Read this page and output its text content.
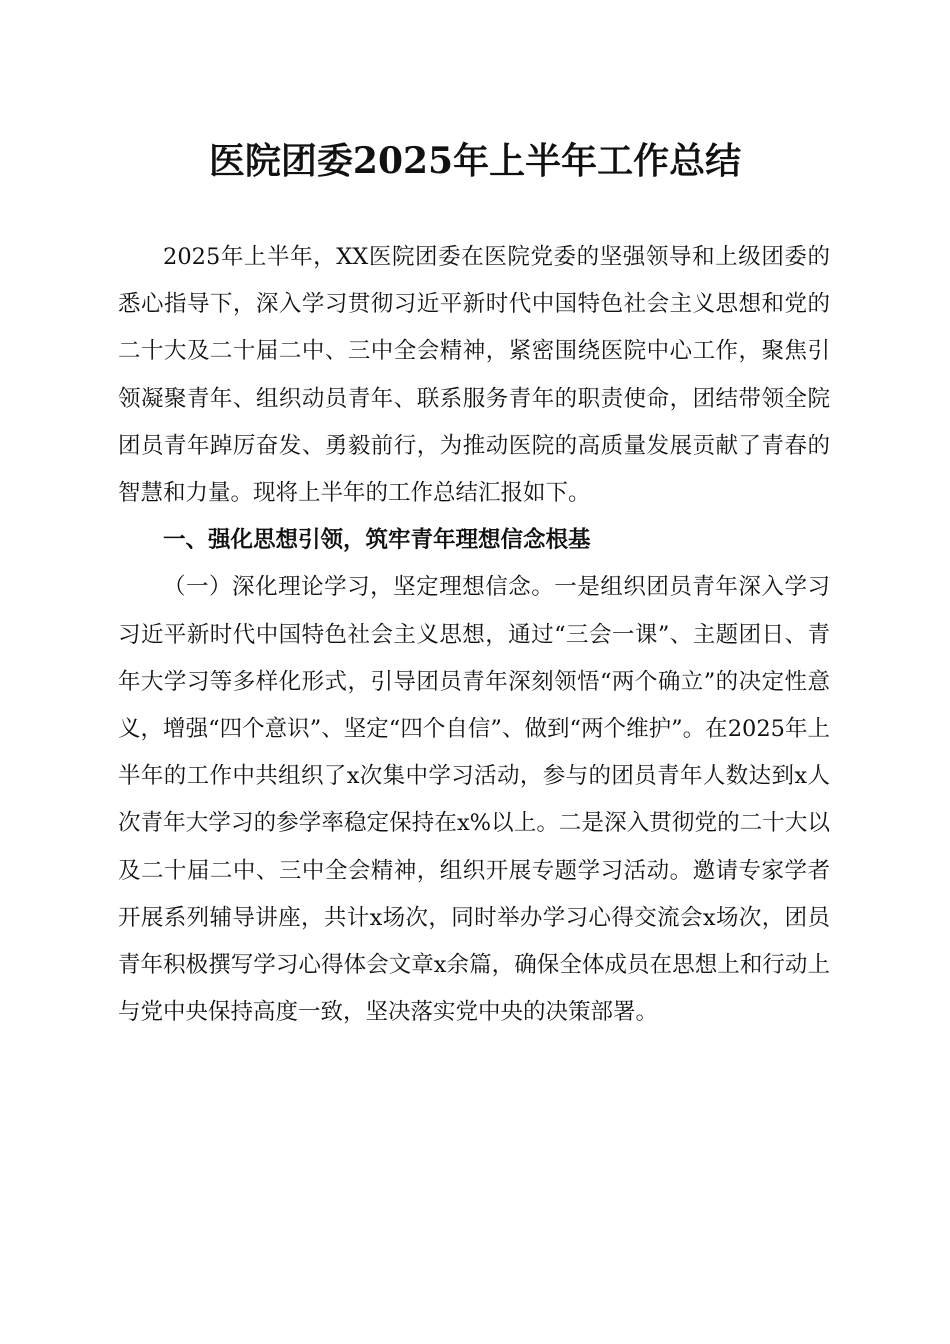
医院团委2025年上半年工作总结

2025年上半年，XX医院团委在医院党委的坚强领导和上级团委的悉心指导下，深入学习贯彻习近平新时代中国特色社会主义思想和党的二十大及二十届二中、三中全会精神，紧密围绕医院中心工作，聚焦引领凝聚青年、组织动员青年、联系服务青年的职责使命，团结带领全院团员青年踔厉奋发、勇毅前行，为推动医院的高质量发展贡献了青春的智慧和力量。现将上半年的工作总结汇报如下。

一、强化思想引领，筑牢青年理想信念根基

（一）深化理论学习，坚定理想信念。一是组织团员青年深入学习习近平新时代中国特色社会主义思想，通过“三会一课”、主题团日、青年大学习等多样化形式，引导团员青年深刻领悟“两个确立”的决定性意义，增强“四个意识”、坚定“四个自信”、做到“两个维护”。在2025年上半年的工作中共组织了x次集中学习活动，参与的团员青年人数达到x人次青年大学习的参学率稳定保持在x%以上。二是深入贯彻党的二十大以及二十届二中、三中全会精神，组织开展专题学习活动。邀请专家学者开展系列辅导讲座，共计x场次，同时举办学习心得交流会x场次，团员青年积极撰写学习心得体会文章x余篇，确保全体成员在思想上和行动上与党中央保持高度一致，坚决落实党中央的决策部署。
